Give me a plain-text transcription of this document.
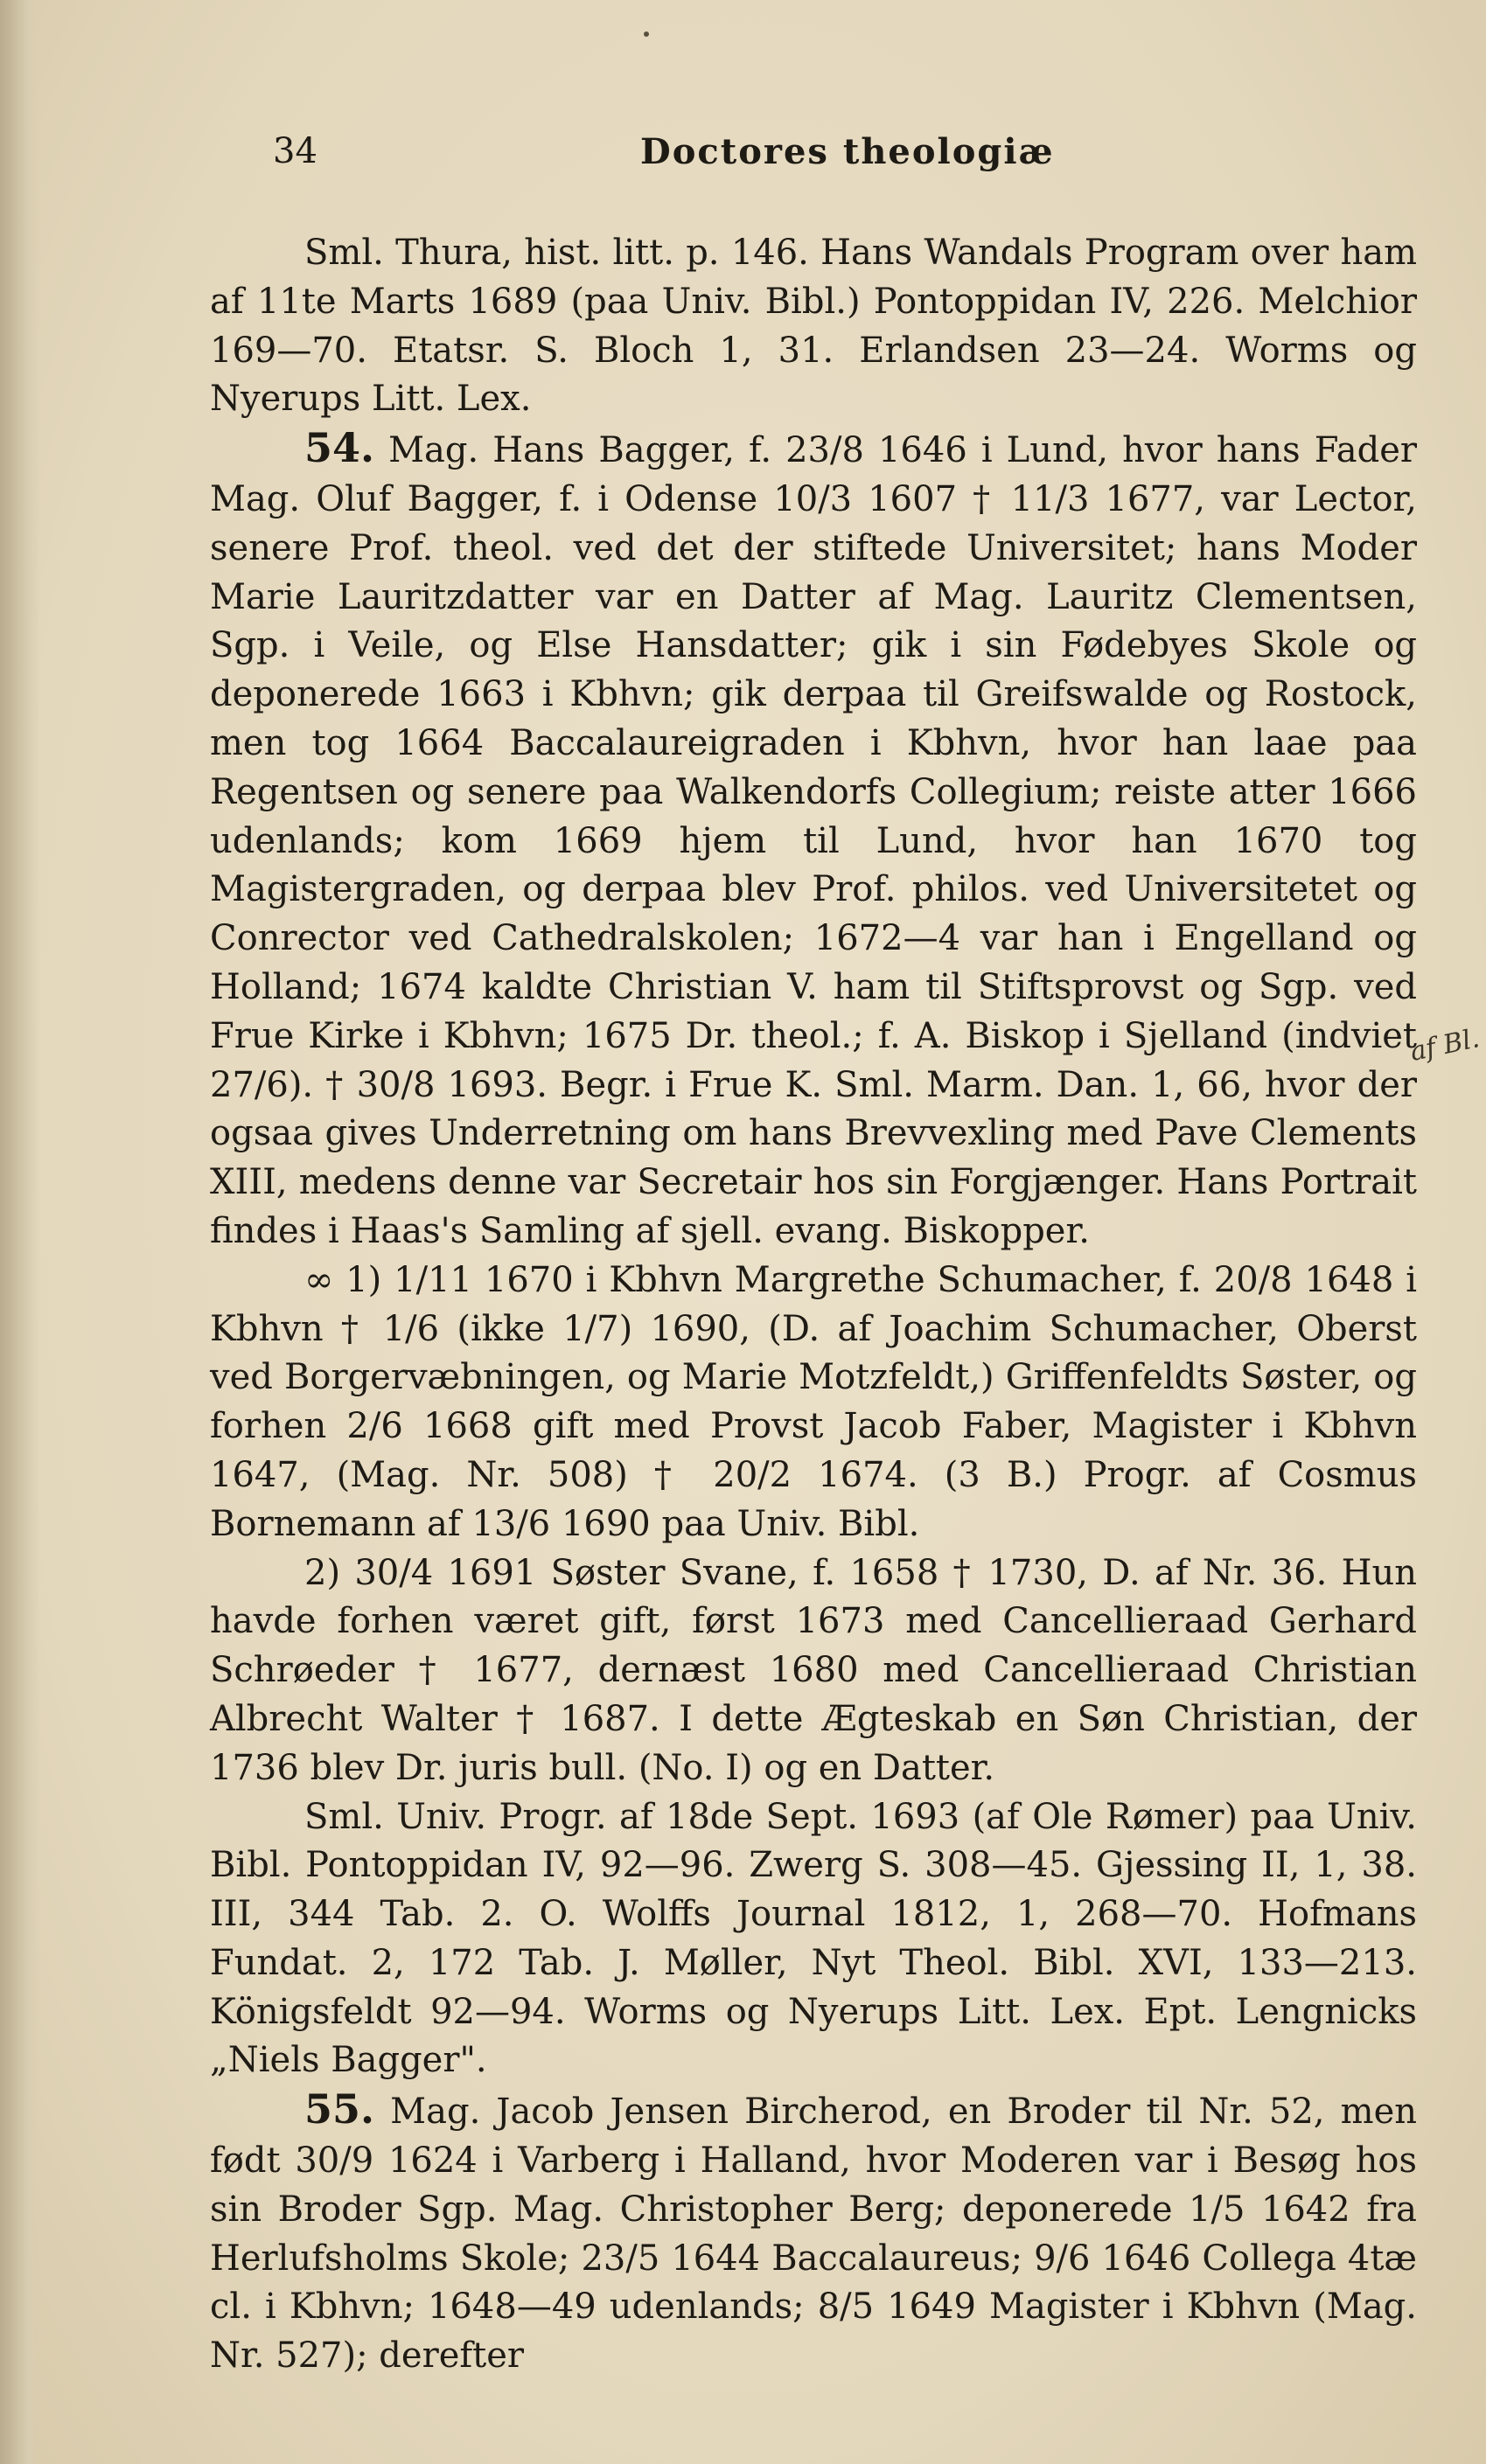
34	Doctores theologiæ

Sml. Thura, hist. litt. p. 146. Hans Wandals Program over ham af 11te Marts 1689 (paa Univ. Bibl.) Pontoppidan IV, 226. Melchior 169—70. Etatsr. S. Bloch 1, 31. Erlandsen 23—24. Worms og Nyerups Litt. Lex.

54. Mag. Hans Bagger, f. 23/8 1646 i Lund, hvor hans Fader Mag. Oluf Bagger, f. i Odense 10/3 1607 † 11/3 1677, var Lector, senere Prof. theol. ved det der stiftede Universitet; hans Moder Marie Lauritzdatter var en Datter af Mag. Lauritz Clementsen, Sgp. i Veile, og Else Hansdatter; gik i sin Fødebyes Skole og deponerede 1663 i Kbhvn; gik derpaa til Greifswalde og Rostock, men tog 1664 Baccalaureigraden i Kbhvn, hvor han laae paa Regentsen og senere paa Walkendorfs Collegium; reiste atter 1666 udenlands; kom 1669 hjem til Lund, hvor han 1670 tog Magistergraden, og derpaa blev Prof. philos. ved Universitetet og Conrector ved Cathedralskolen; 1672—4 var han i Engelland og Holland; 1674 kaldte Christian V. ham til Stiftsprovst og Sgp. ved Frue Kirke i Kbhvn; 1675 Dr. theol.; f. A. Biskop i Sjelland (indviet 27/6). † 30/8 1693. Begr. i Frue K. Sml. Marm. Dan. 1, 66, hvor der ogsaa gives Underretning om hans Brevvexling med Pave Clements XIII, medens denne var Secretair hos sin Forgjænger. Hans Portrait findes i Haas's Samling af sjell. evang. Biskopper.

∞ 1) 1/11 1670 i Kbhvn Margrethe Schumacher, f. 20/8 1648 i Kbhvn † 1/6 (ikke 1/7) 1690, (D. af Joachim Schumacher, Oberst ved Borgervæbningen, og Marie Motzfeldt,) Griffenfeldts Søster, og forhen 2/6 1668 gift med Provst Jacob Faber, Magister i Kbhvn 1647, (Mag. Nr. 508) † 20/2 1674. (3 B.) Progr. af Cosmus Bornemann af 13/6 1690 paa Univ. Bibl.

2) 30/4 1691 Søster Svane, f. 1658 † 1730, D. af Nr. 36. Hun havde forhen været gift, først 1673 med Cancellieraad Gerhard Schrøeder † 1677, dernæst 1680 med Cancellieraad Christian Albrecht Walter † 1687. I dette Ægteskab en Søn Christian, der 1736 blev Dr. juris bull. (No. I) og en Datter.

Sml. Univ. Progr. af 18de Sept. 1693 (af Ole Rømer) paa Univ. Bibl. Pontoppidan IV, 92—96. Zwerg S. 308—45. Gjessing II, 1, 38. III, 344 Tab. 2. O. Wolffs Journal 1812, 1, 268—70. Hofmans Fundat. 2, 172 Tab. J. Møller, Nyt Theol. Bibl. XVI, 133—213. Königsfeldt 92—94. Worms og Nyerups Litt. Lex. Ept. Lengnicks „Niels Bagger".

55. Mag. Jacob Jensen Bircherod, en Broder til Nr. 52, men født 30/9 1624 i Varberg i Halland, hvor Moderen var i Besøg hos sin Broder Sgp. Mag. Christopher Berg; deponerede 1/5 1642 fra Herlufsholms Skole; 23/5 1644 Baccalaureus; 9/6 1646 Collega 4tæ cl. i Kbhvn; 1648—49 udenlands; 8/5 1649 Magister i Kbhvn (Mag. Nr. 527); derefter

af Bl.
